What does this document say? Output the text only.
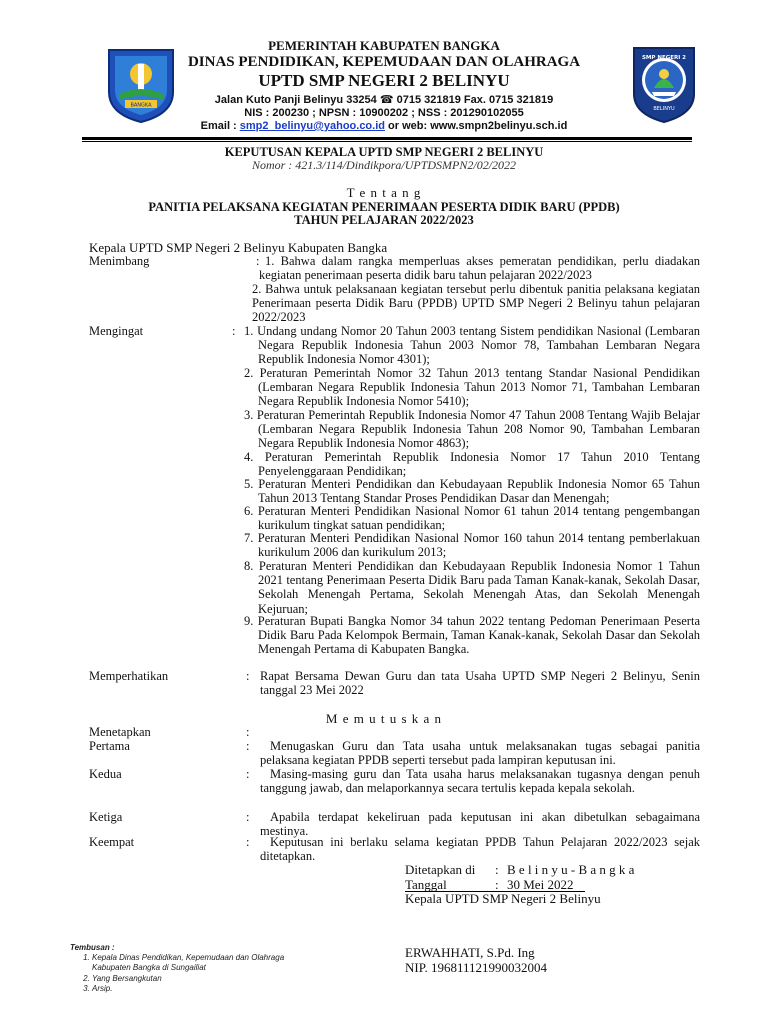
BANGKA
SMP NEGERI 2
BELINYU
PEMERINTAH KABUPATEN BANGKA
DINAS PENDIDIKAN, KEPEMUDAAN DAN OLAHRAGA
UPTD SMP NEGERI 2 BELINYU
Jalan Kuto Panji Belinyu 33254 ☎ 0715 321819 Fax. 0715 321819
NIS : 200230 ; NPSN : 10900202 ; NSS : 201290102055
Email : smp2_belinyu@yahoo.co.id or web: www.smpn2belinyu.sch.id
KEPUTUSAN KEPALA UPTD SMP NEGERI 2 BELINYU
Nomor : 421.3/114/Dindikpora/UPTDSMPN2/02/2022
T e n t a n g
PANITIA PELAKSANA KEGIATAN PENERIMAAN PESERTA DIDIK BARU (PPDB)
TAHUN PELAJARAN 2022/2023
Kepala UPTD SMP Negeri 2 Belinyu Kabupaten Bangka
Menimbang	: 1. Bahwa dalam rangka memperluas akses pemeratan pendidikan, perlu diadakan kegiatan penerimaan peserta didik baru tahun pelajaran 2022/2023
2. Bahwa untuk pelaksanaan kegiatan tersebut perlu dibentuk panitia pelaksana kegiatan Penerimaan peserta Didik Baru (PPDB) UPTD SMP Negeri 2 Belinyu tahun pelajaran 2022/2023
Mengingat	: 1. Undang undang Nomor 20 Tahun 2003 tentang Sistem pendidikan Nasional (Lembaran Negara Republik Indonesia Tahun 2003 Nomor 78, Tambahan Lembaran Negara Republik Indonesia Nomor 4301);
2. Peraturan Pemerintah Nomor 32 Tahun 2013 tentang Standar Nasional Pendidikan (Lembaran Negara Republik Indonesia Tahun 2013 Nomor 71, Tambahan Lembaran Negara Republik Indonesia Nomor 5410);
3. Peraturan Pemerintah Republik Indonesia Nomor 47 Tahun 2008 Tentang Wajib Belajar (Lembaran Negara Republik Indonesia Tahun 208 Nomor 90, Tambahan Lembaran Negara Republik Indonesia Nomor 4863);
4. Peraturan Pemerintah Republik Indonesia Nomor 17 Tahun 2010 Tentang Penyelenggaraan Pendidikan;
5. Peraturan Menteri Pendidikan dan Kebudayaan Republik Indonesia Nomor 65 Tahun Tahun 2013 Tentang Standar Proses Pendidikan Dasar dan Menengah;
6. Peraturan Menteri Pendidikan Nasional Nomor 61 tahun 2014 tentang pengembangan kurikulum tingkat satuan pendidikan;
7. Peraturan Menteri Pendidikan Nasional Nomor 160 tahun 2014 tentang pemberlakuan kurikulum 2006 dan kurikulum 2013;
8. Peraturan Menteri Pendidikan dan Kebudayaan Republik Indonesia Nomor 1 Tahun 2021 tentang Penerimaan Peserta Didik Baru pada Taman Kanak-kanak, Sekolah Dasar, Sekolah Menengah Pertama, Sekolah Menengah Atas, dan Sekolah Menengah Kejuruan;
9. Peraturan Bupati Bangka Nomor 34 tahun 2022 tentang Pedoman Penerimaan Peserta Didik Baru Pada Kelompok Bermain, Taman Kanak-kanak, Sekolah Dasar dan Sekolah Menengah Pertama di Kabupaten Bangka.
Memperhatikan	: Rapat Bersama Dewan Guru dan tata Usaha UPTD SMP Negeri 2 Belinyu, Senin tanggal 23 Mei 2022
M e m u t u s k a n
Menetapkan	:
Pertama	:	Menugaskan Guru dan Tata usaha untuk melaksanakan tugas sebagai panitia pelaksana kegiatan PPDB seperti tersebut pada lampiran keputusan ini.
Kedua	:	Masing-masing guru dan Tata usaha harus melaksanakan tugasnya dengan penuh tanggung jawab, dan melaporkannya secara tertulis kepada kepala sekolah.
Ketiga	:	Apabila terdapat kekeliruan pada keputusan ini akan dibetulkan sebagaimana mestinya.
Keempat	:	Keputusan ini berlaku selama kegiatan PPDB Tahun Pelajaran 2022/2023 sejak ditetapkan.
Ditetapkan di : B e l i n y u - B a n g k a
Tanggal	: 30 Mei 2022
Kepala UPTD SMP Negeri 2 Belinyu
ERWAHHATI, S.Pd. Ing
NIP. 196811121990032004
Tembusan :
1. Kepala Dinas Pendidikan, Kepemudaan dan Olahraga Kabupaten Bangka di Sungailiat
2. Yang Bersangkutan
3. Arsip.
